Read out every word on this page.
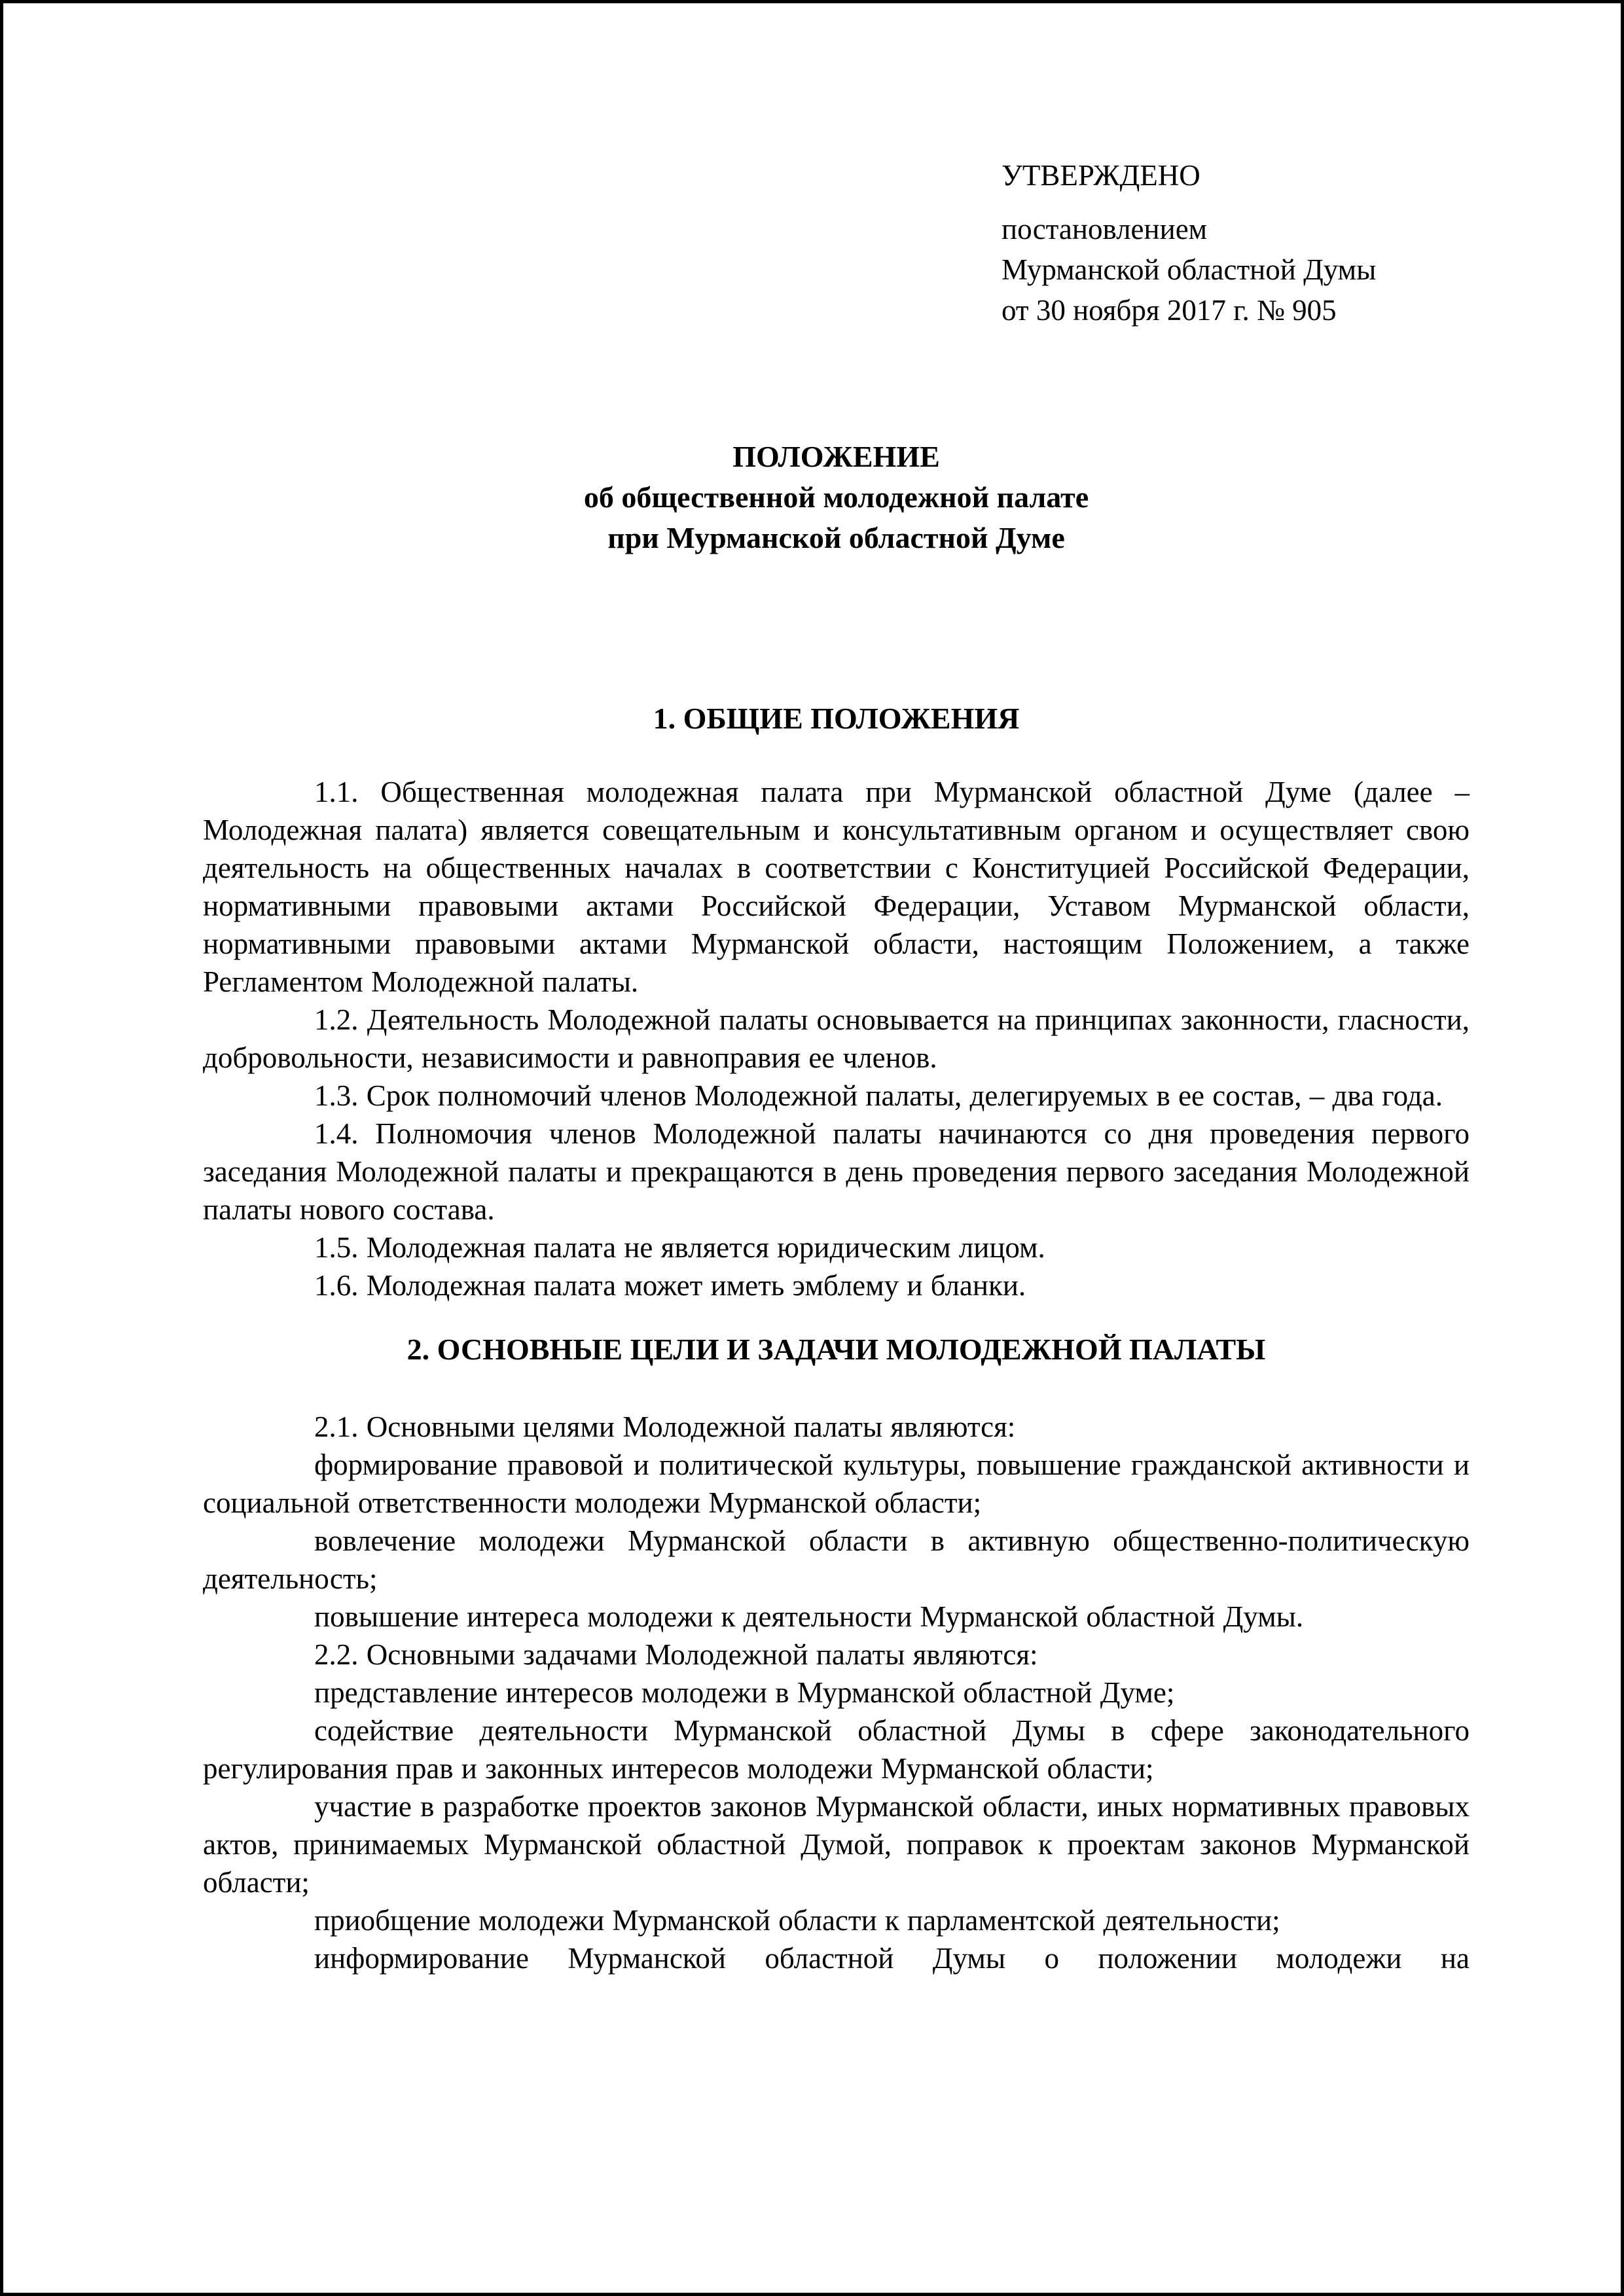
УТВЕРЖДЕНО
постановлением
Мурманской областной Думы
от 30 ноября 2017 г. № 905
ПОЛОЖЕНИЕ
об общественной молодежной палате
при Мурманской областной Думе
1. ОБЩИЕ ПОЛОЖЕНИЯ

1.1. Общественная молодежная палата при Мурманской областной Думе (далее – Молодежная палата) является совещательным и консультативным органом и осуществляет свою деятельность на общественных началах в соответствии с Конституцией Российской Федерации, нормативными правовыми актами Российской Федерации, Уставом Мурманской области, нормативными правовыми актами Мурманской области, настоящим Положением, а также Регламентом Молодежной палаты.

1.2. Деятельность Молодежной палаты основывается на принципах законности, гласности, добровольности, независимости и равноправия ее членов.

1.3. Срок полномочий членов Молодежной палаты, делегируемых в ее состав, – два года.

1.4. Полномочия членов Молодежной палаты начинаются со дня проведения первого заседания Молодежной палаты и прекращаются в день проведения первого заседания Молодежной палаты нового состава.

1.5. Молодежная палата не является юридическим лицом.

1.6. Молодежная палата может иметь эмблему и бланки.

2. ОСНОВНЫЕ ЦЕЛИ И ЗАДАЧИ МОЛОДЕЖНОЙ ПАЛАТЫ

2.1. Основными целями Молодежной палаты являются:

формирование правовой и политической культуры, повышение гражданской активности и социальной ответственности молодежи Мурманской области;

вовлечение молодежи Мурманской области в активную общественно-политическую деятельность;

повышение интереса молодежи к деятельности Мурманской областной Думы.

2.2. Основными задачами Молодежной палаты являются:

представление интересов молодежи в Мурманской областной Думе;

содействие деятельности Мурманской областной Думы в сфере законодательного регулирования прав и законных интересов молодежи Мурманской области;

участие в разработке проектов законов Мурманской области, иных нормативных правовых актов, принимаемых Мурманской областной Думой, поправок к проектам законов Мурманской области;

приобщение молодежи Мурманской области к парламентской деятельности;

информирование Мурманской областной Думы о положении молодежи на
